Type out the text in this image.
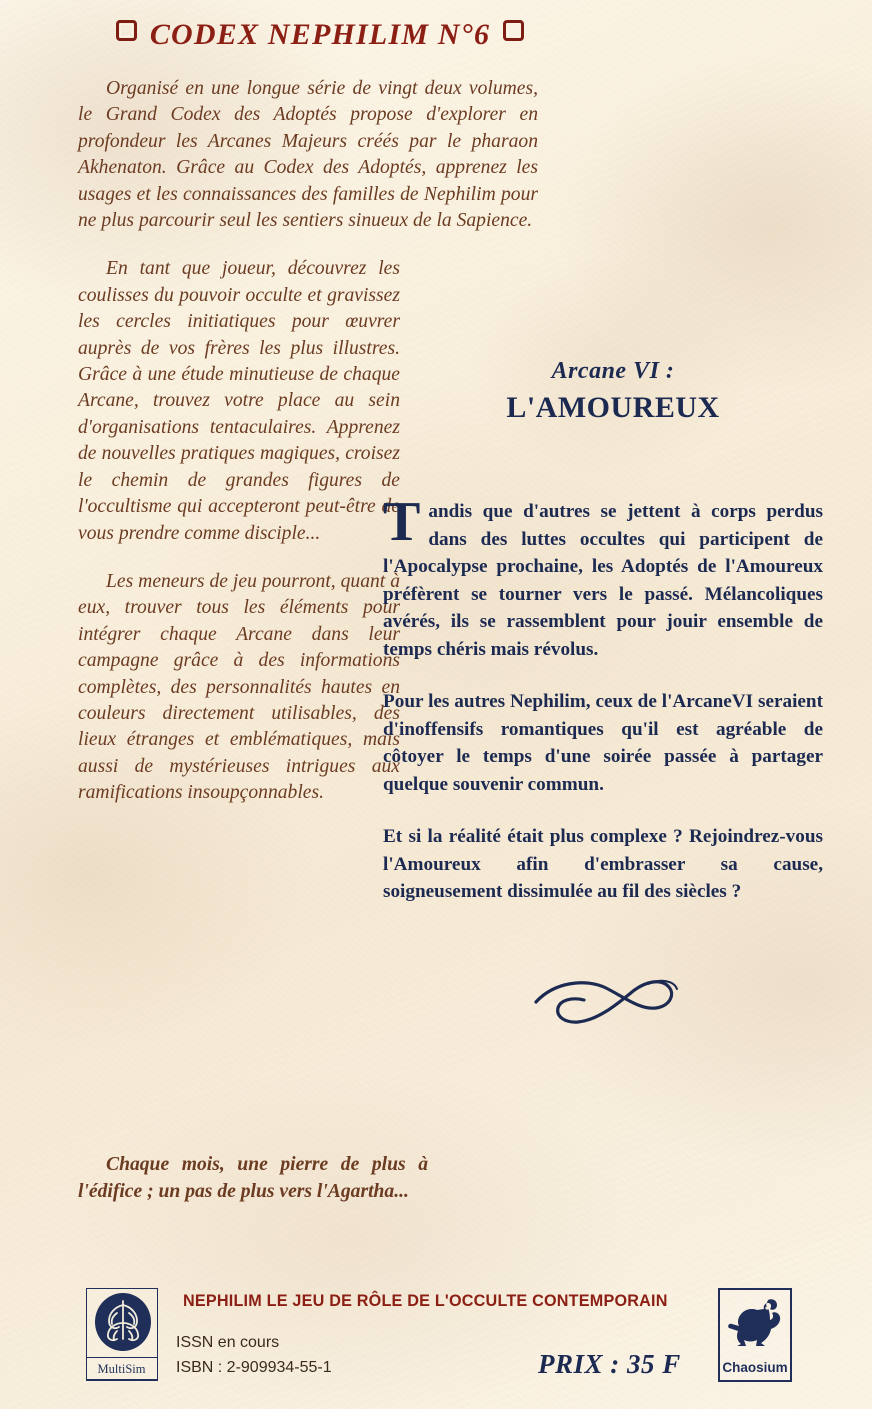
CODEX NEPHILIM N°6

Organisé en une longue série de vingt deux volumes, le Grand Codex des Adoptés propose d'explorer en profondeur les Arcanes Majeurs créés par le pharaon Akhenaton. Grâce au Codex des Adoptés, apprenez les usages et les connaissances des familles de Nephilim pour ne plus parcourir seul les sentiers sinueux de la Sapience.

En tant que joueur, découvrez les coulisses du pouvoir occulte et gravissez les cercles initiatiques pour œuvrer auprès de vos frères les plus illustres. Grâce à une étude minutieuse de chaque Arcane, trouvez votre place au sein d'organisations tentaculaires. Apprenez de nouvelles pratiques magiques, croisez le chemin de grandes figures de l'occultisme qui accepteront peut-être de vous prendre comme disciple...

Les meneurs de jeu pourront, quant à eux, trouver tous les éléments pour intégrer chaque Arcane dans leur campagne grâce à des informations complètes, des personnalités hautes en couleurs directement utilisables, des lieux étranges et emblématiques, mais aussi de mystérieuses intrigues aux ramifications insoupçonnables.

Chaque mois, une pierre de plus à l'édifice ; un pas de plus vers l'Agartha...

Arcane VI :
L'AMOUREUX

Tandis que d'autres se jettent à corps perdus dans des luttes occultes qui participent de l'Apocalypse prochaine, les Adoptés de l'Amoureux préfèrent se tourner vers le passé. Mélancoliques avérés, ils se rassemblent pour jouir ensemble de temps chéris mais révolus.

Pour les autres Nephilim, ceux de l'ArcaneVI seraient d'inoffensifs romantiques qu'il est agréable de côtoyer le temps d'une soirée passée à partager quelque souvenir commun.

Et si la réalité était plus complexe ? Rejoindrez-vous l'Amoureux afin d'embrasser sa cause, soigneusement dissimulée au fil des siècles ?

NEPHILIM LE JEU DE RÔLE DE L'OCCULTE CONTEMPORAIN
ISSN en cours
ISBN : 2-909934-55-1	PRIX : 35 F
MultiSim	Chaosium
